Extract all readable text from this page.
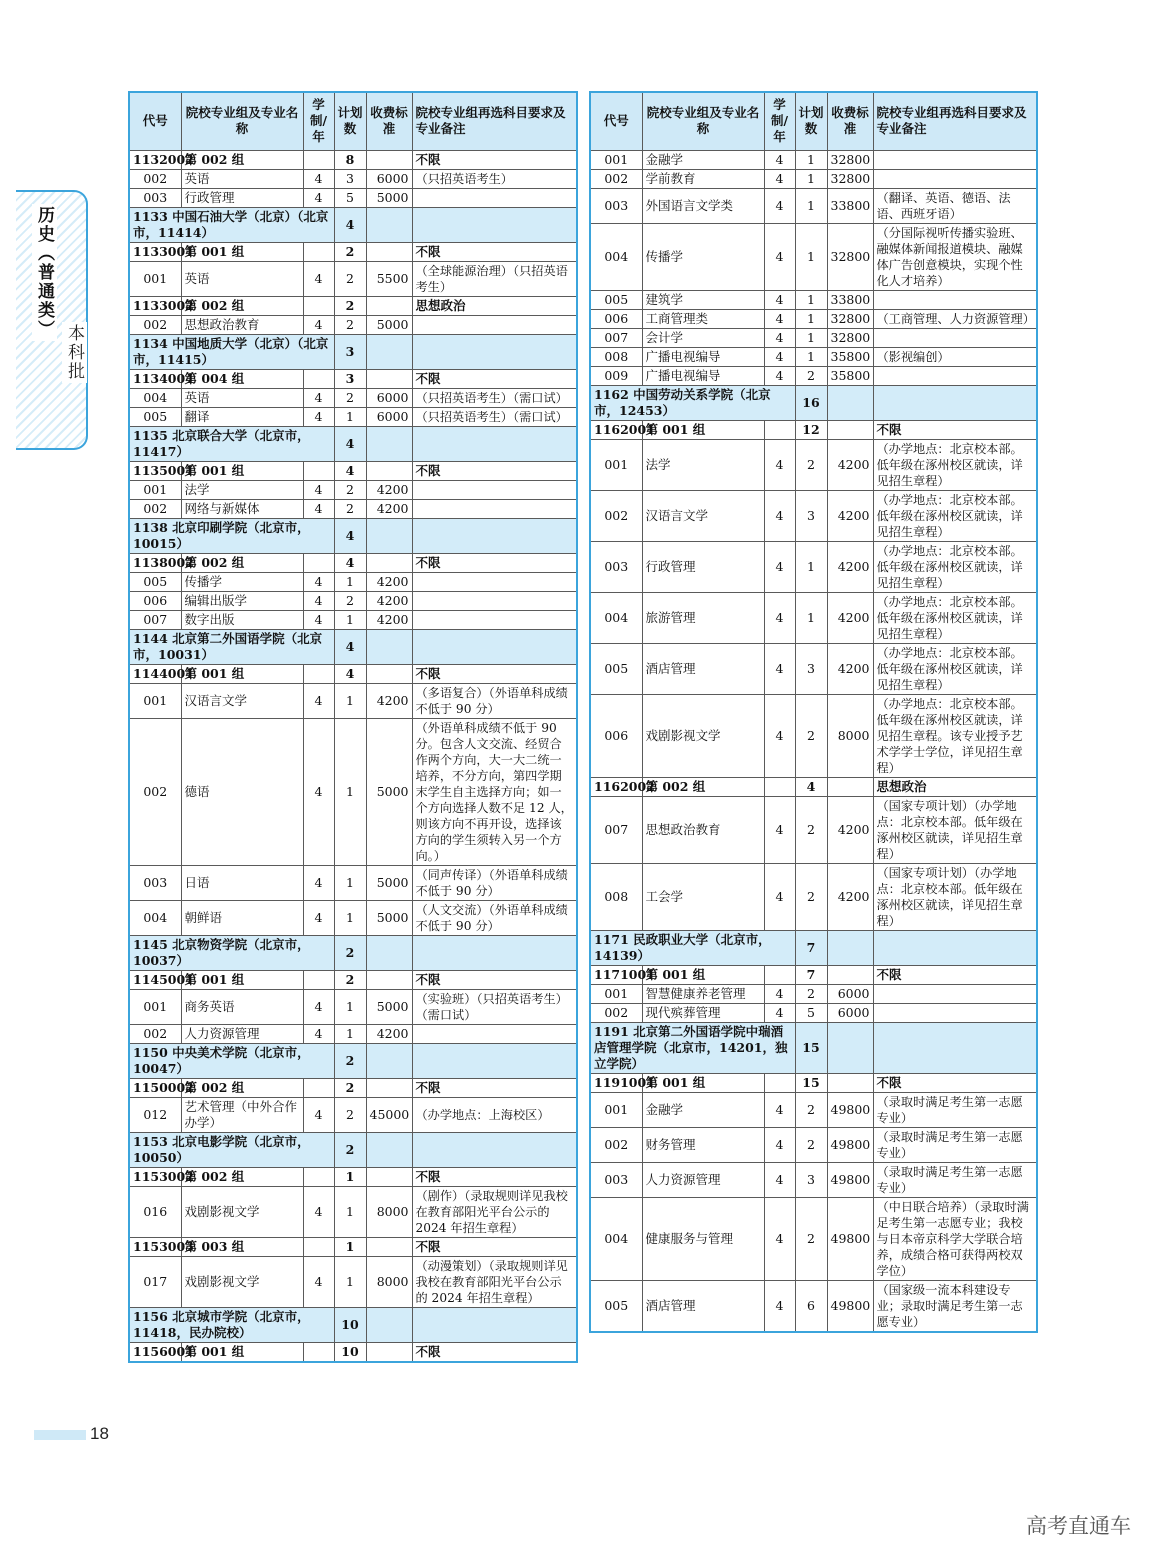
历史（普通类）
本科批
18
高考直通车
代号	院校专业组及专业名称	学制/年	计划数	收费标准	院校专业组再选科目要求及专业备注
1132002	第 002 组		8		不限
002	英语	4	3	6000	（只招英语考生）
003	行政管理	4	5	5000	
1133 中国石油大学（北京）（北京市，11414）			4		
1133001	第 001 组		2		不限
001	英语	4	2	5500	（全球能源治理）（只招英语考生）
1133002	第 002 组		2		思想政治
002	思想政治教育	4	2	5000	
1134 中国地质大学（北京）（北京市，11415）			3		
1134004	第 004 组		3		不限
004	英语	4	2	6000	（只招英语考生）（需口试）
005	翻译	4	1	6000	（只招英语考生）（需口试）
1135 北京联合大学（北京市，11417）			4		
1135001	第 001 组		4		不限
001	法学	4	2	4200	
002	网络与新媒体	4	2	4200	
1138 北京印刷学院（北京市，10015）			4		
1138002	第 002 组		4		不限
005	传播学	4	1	4200	
006	编辑出版学	4	2	4200	
007	数字出版	4	1	4200	
1144 北京第二外国语学院（北京市，10031）			4		
1144001	第 001 组		4		不限
001	汉语言文学	4	1	4200	（多语复合）（外语单科成绩不低于 90 分）
002	德语	4	1	5000	（外语单科成绩不低于 90 分。包含人文交流、经贸合作两个方向，大一大二统一培养，不分方向，第四学期末学生自主选择方向；如一个方向选择人数不足 12 人，则该方向不再开设，选择该方向的学生须转入另一个方向。）
003	日语	4	1	5000	（同声传译）（外语单科成绩不低于 90 分）
004	朝鲜语	4	1	5000	（人文交流）（外语单科成绩不低于 90 分）
1145 北京物资学院（北京市，10037）			2		
1145001	第 001 组		2		不限
001	商务英语	4	1	5000	（实验班）（只招英语考生）（需口试）
002	人力资源管理	4	1	4200	
1150 中央美术学院（北京市，10047）			2		
1150002	第 002 组		2		不限
012	艺术管理（中外合作办学）	4	2	45000	（办学地点：上海校区）
1153 北京电影学院（北京市，10050）			2		
1153002	第 002 组		1		不限
016	戏剧影视文学	4	1	8000	（剧作）（录取规则详见我校在教育部阳光平台公示的 2024 年招生章程）
1153003	第 003 组		1		不限
017	戏剧影视文学	4	1	8000	（动漫策划）（录取规则详见我校在教育部阳光平台公示的 2024 年招生章程）
1156 北京城市学院（北京市，11418，民办院校）			10		
1156001	第 001 组		10		不限
代号	院校专业组及专业名称	学制/年	计划数	收费标准	院校专业组再选科目要求及专业备注
001	金融学	4	1	32800	
002	学前教育	4	1	32800	
003	外国语言文学类	4	1	33800	（翻译、英语、德语、法语、西班牙语）
004	传播学	4	1	32800	（分国际视听传播实验班、融媒体新闻报道模块、融媒体广告创意模块，实现个性化人才培养）
005	建筑学	4	1	33800	
006	工商管理类	4	1	32800	（工商管理、人力资源管理）
007	会计学	4	1	32800	
008	广播电视编导	4	1	35800	（影视编创）
009	广播电视编导	4	2	35800	
1162 中国劳动关系学院（北京市，12453）			16		
1162001	第 001 组		12		不限
001	法学	4	2	4200	（办学地点：北京校本部。低年级在涿州校区就读，详见招生章程）
002	汉语言文学	4	3	4200	（办学地点：北京校本部。低年级在涿州校区就读，详见招生章程）
003	行政管理	4	1	4200	（办学地点：北京校本部。低年级在涿州校区就读，详见招生章程）
004	旅游管理	4	1	4200	（办学地点：北京校本部。低年级在涿州校区就读，详见招生章程）
005	酒店管理	4	3	4200	（办学地点：北京校本部。低年级在涿州校区就读，详见招生章程）
006	戏剧影视文学	4	2	8000	（办学地点：北京校本部。低年级在涿州校区就读，详见招生章程。该专业授予艺术学学士学位，详见招生章程）
1162002	第 002 组		4		思想政治
007	思想政治教育	4	2	4200	（国家专项计划）（办学地点：北京校本部。低年级在涿州校区就读，详见招生章程）
008	工会学	4	2	4200	（国家专项计划）（办学地点：北京校本部。低年级在涿州校区就读，详见招生章程）
1171 民政职业大学（北京市，14139）			7		
1171001	第 001 组		7		不限
001	智慧健康养老管理	4	2	6000	
002	现代殡葬管理	4	5	6000	
1191 北京第二外国语学院中瑞酒店管理学院（北京市，14201，独立学院）			15		
1191001	第 001 组		15		不限
001	金融学	4	2	49800	（录取时满足考生第一志愿专业）
002	财务管理	4	2	49800	（录取时满足考生第一志愿专业）
003	人力资源管理	4	3	49800	（录取时满足考生第一志愿专业）
004	健康服务与管理	4	2	49800	（中日联合培养）（录取时满足考生第一志愿专业；我校与日本帝京科学大学联合培养，成绩合格可获得两校双学位）
005	酒店管理	4	6	49800	（国家级一流本科建设专业；录取时满足考生第一志愿专业）
